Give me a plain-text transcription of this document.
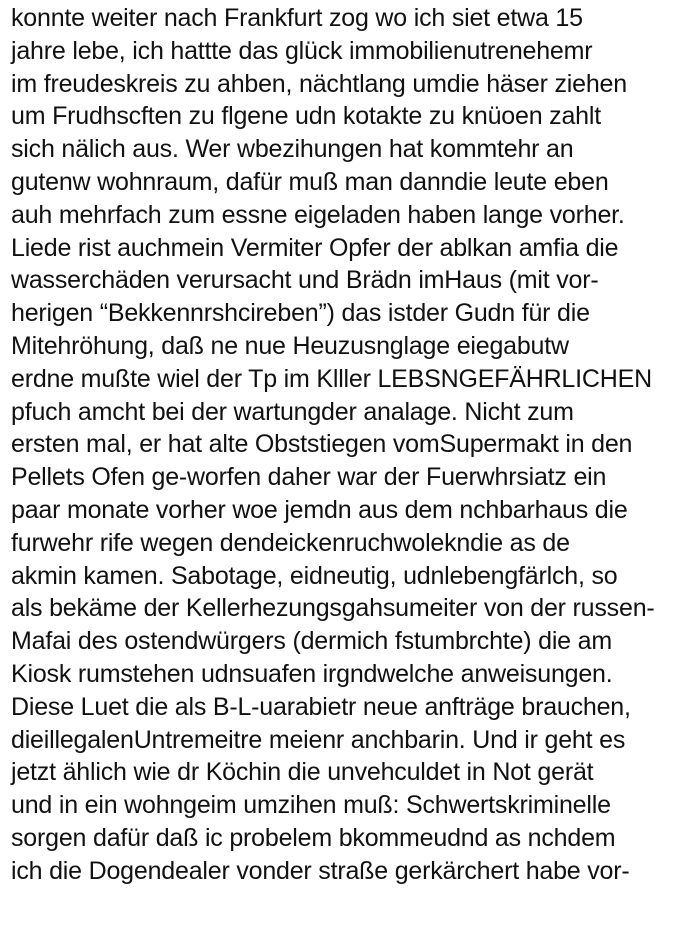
konnte weiter nach Frankfurt zog wo ich siet etwa 15
jahre lebe, ich hattte das glück immobilienutrenehemr
im freudeskreis zu ahben, nächtlang umdie häser ziehen
um Frudhscften zu flgene udn kotakte zu knüoen zahlt
sich nälich aus. Wer wbezihungen hat kommtehr an
gutenw wohnraum, dafür muß man danndie leute eben
auh mehrfach zum essne eigeladen haben lange vorher.
Liede rist auchmein Vermiter Opfer der ablkan amfia die
wasserchäden verursacht und Brädn imHaus (mit vor-
herigen “Bekkennrshcireben”) das istder Gudn für die
Mitehröhung, daß ne nue Heuzusnglage eiegabutw
erdne mußte wiel der Tp im Klller LEBSNGEFÄHRLICHEN
pfuch amcht bei der wartungder analage. Nicht zum
ersten mal, er hat alte Obststiegen vomSupermakt in den
Pellets Ofen ge-worfen daher war der Fuerwhrsiatz ein
paar monate vorher woe jemdn aus dem nchbarhaus die
furwehr rife wegen dendeickenruchwolekndie as de
akmin kamen. Sabotage, eidneutig, udnlebengfärlch, so
als bekäme der Kellerhezungsgahsumeiter von der russen-
Mafai des ostendwürgers (dermich fstumbrchte) die am
Kiosk rumstehen udnsuafen irgndwelche anweisungen.
Diese Luet die als B-L-uarabietr neue anfträge brauchen,
dieillegalenUntremeitre meienr anchbarin. Und ir geht es
jetzt ählich wie dr Köchin die unvehculdet in Not gerät
und in ein wohngeim umzihen muß: Schwertskriminelle
sorgen dafür daß ic probelem bkommeudnd as nchdem
ich die Dogendealer vonder straße gerkärchert habe vor-
